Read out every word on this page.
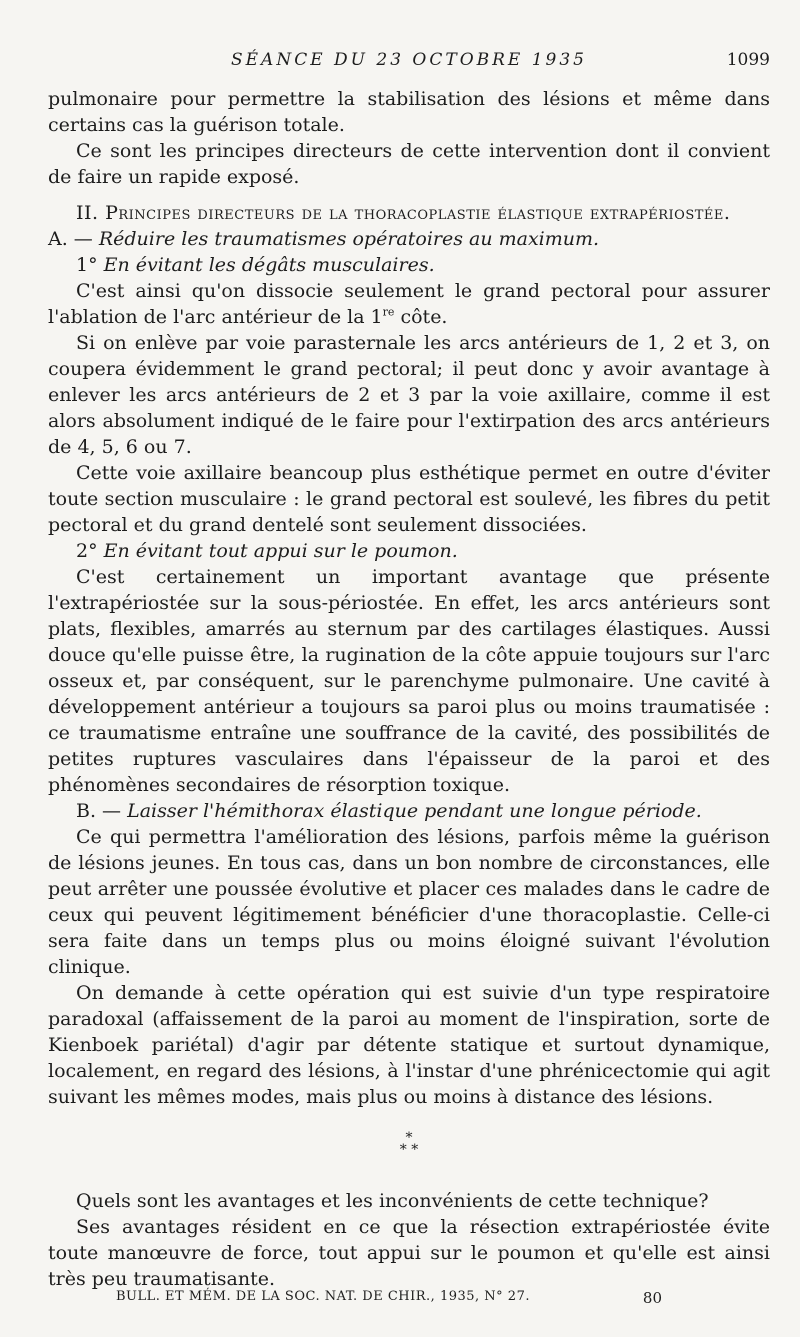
SÉANCE DU 23 OCTOBRE 1935	1099

pulmonaire pour permettre la stabilisation des lésions et même dans certains cas la guérison totale.

Ce sont les principes directeurs de cette intervention dont il convient de faire un rapide exposé.

II. Principes directeurs de la thoracoplastie élastique extrapériostée.

A. — Réduire les traumatismes opératoires au maximum.

1° En évitant les dégâts musculaires.

C'est ainsi qu'on dissocie seulement le grand pectoral pour assurer l'ablation de l'arc antérieur de la 1re côte.

Si on enlève par voie parasternale les arcs antérieurs de 1, 2 et 3, on coupera évidemment le grand pectoral; il peut donc y avoir avantage à enlever les arcs antérieurs de 2 et 3 par la voie axillaire, comme il est alors absolument indiqué de le faire pour l'extirpation des arcs antérieurs de 4, 5, 6 ou 7.

Cette voie axillaire beancoup plus esthétique permet en outre d'éviter toute section musculaire : le grand pectoral est soulevé, les fibres du petit pectoral et du grand dentelé sont seulement dissociées.

2° En évitant tout appui sur le poumon.

C'est certainement un important avantage que présente l'extrapériostée sur la sous-périostée. En effet, les arcs antérieurs sont plats, flexibles, amarrés au sternum par des cartilages élastiques. Aussi douce qu'elle puisse être, la rugination de la côte appuie toujours sur l'arc osseux et, par conséquent, sur le parenchyme pulmonaire. Une cavité à développement antérieur a toujours sa paroi plus ou moins traumatisée : ce traumatisme entraîne une souffrance de la cavité, des possibilités de petites ruptures vasculaires dans l'épaisseur de la paroi et des phénomènes secondaires de résorption toxique.

B. — Laisser l'hémithorax élastique pendant une longue période.

Ce qui permettra l'amélioration des lésions, parfois même la guérison de lésions jeunes. En tous cas, dans un bon nombre de circonstances, elle peut arrêter une poussée évolutive et placer ces malades dans le cadre de ceux qui peuvent légitimement bénéficier d'une thoracoplastie. Celle-ci sera faite dans un temps plus ou moins éloigné suivant l'évolution clinique.

On demande à cette opération qui est suivie d'un type respiratoire paradoxal (affaissement de la paroi au moment de l'inspiration, sorte de Kienboek pariétal) d'agir par détente statique et surtout dynamique, localement, en regard des lésions, à l'instar d'une phrénicectomie qui agit suivant les mêmes modes, mais plus ou moins à distance des lésions.

*
* *

Quels sont les avantages et les inconvénients de cette technique?

Ses avantages résident en ce que la résection extrapériostée évite toute manœuvre de force, tout appui sur le poumon et qu'elle est ainsi très peu traumatisante.

BULL. ET MÉM. DE LA SOC. NAT. DE CHIR., 1935, N° 27.	80
